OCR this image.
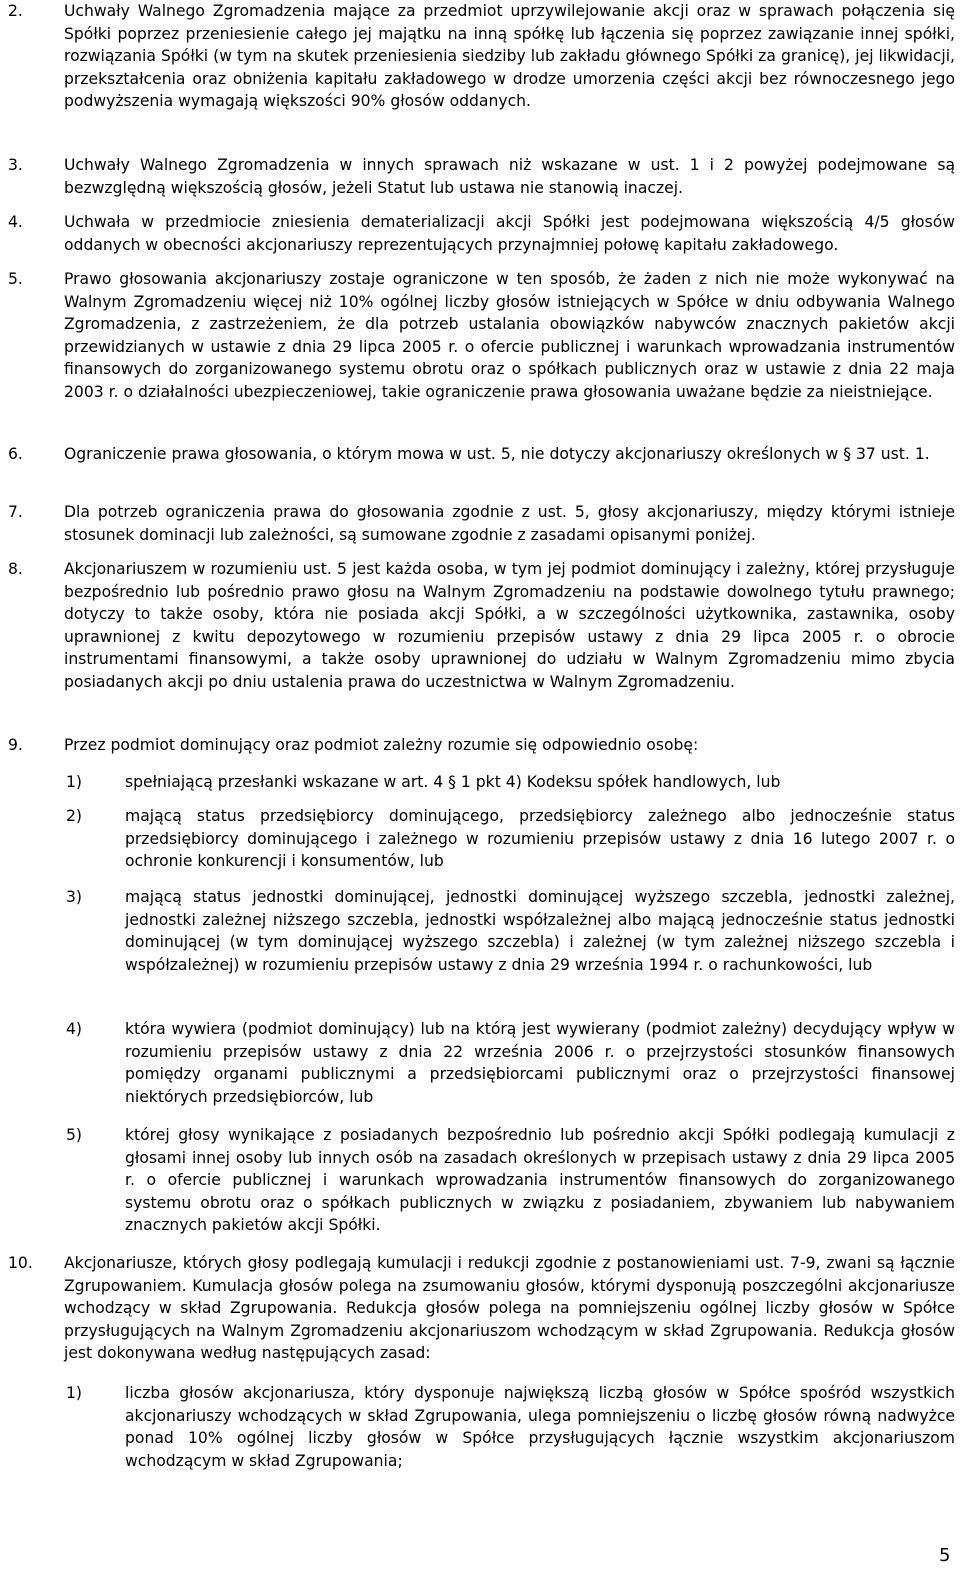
2.	Uchwały Walnego Zgromadzenia mające za przedmiot uprzywilejowanie akcji oraz w sprawach połączenia się Spółki poprzez przeniesienie całego jej majątku na inną spółkę lub łączenia się poprzez zawiązanie innej spółki, rozwiązania Spółki (w tym na skutek przeniesienia siedziby lub zakładu głównego Spółki za granicę), jej likwidacji, przekształcenia oraz obniżenia kapitału zakładowego w drodze umorzenia części akcji bez równoczesnego jego podwyższenia wymagają większości 90% głosów oddanych.
3.	Uchwały Walnego Zgromadzenia w innych sprawach niż wskazane w ust. 1 i 2 powyżej podejmowane są bezwzględną większością głosów, jeżeli Statut lub ustawa nie stanowią inaczej.
4.	Uchwała w przedmiocie zniesienia dematerializacji akcji Spółki jest podejmowana większością 4/5 głosów oddanych w obecności akcjonariuszy reprezentujących przynajmniej połowę kapitału zakładowego.
5.	Prawo głosowania akcjonariuszy zostaje ograniczone w ten sposób, że żaden z nich nie może wykonywać na Walnym Zgromadzeniu więcej niż 10% ogólnej liczby głosów istniejących w Spółce w dniu odbywania Walnego Zgromadzenia, z zastrzeżeniem, że dla potrzeb ustalania obowiązków nabywców znacznych pakietów akcji przewidzianych w ustawie z dnia 29 lipca 2005 r. o ofercie publicznej i warunkach wprowadzania instrumentów finansowych do zorganizowanego systemu obrotu oraz o spółkach publicznych oraz w ustawie z dnia 22 maja 2003 r. o działalności ubezpieczeniowej, takie ograniczenie prawa głosowania uważane będzie za nieistniejące.
6.	Ograniczenie prawa głosowania, o którym mowa w ust. 5, nie dotyczy akcjonariuszy określonych w § 37 ust. 1.
7.	Dla potrzeb ograniczenia prawa do głosowania zgodnie z ust. 5, głosy akcjonariuszy, między którymi istnieje stosunek dominacji lub zależności, są sumowane zgodnie z zasadami opisanymi poniżej.
8.	Akcjonariuszem w rozumieniu ust. 5 jest każda osoba, w tym jej podmiot dominujący i zależny, której przysługuje bezpośrednio lub pośrednio prawo głosu na Walnym Zgromadzeniu na podstawie dowolnego tytułu prawnego; dotyczy to także osoby, która nie posiada akcji Spółki, a w szczególności użytkownika, zastawnika, osoby uprawnionej z kwitu depozytowego w rozumieniu przepisów ustawy z dnia 29 lipca 2005 r. o obrocie instrumentami finansowymi, a także osoby uprawnionej do udziału w Walnym Zgromadzeniu mimo zbycia posiadanych akcji po dniu ustalenia prawa do uczestnictwa w Walnym Zgromadzeniu.
9.	Przez podmiot dominujący oraz podmiot zależny rozumie się odpowiednio osobę:
1)	spełniającą przesłanki wskazane w art. 4 § 1 pkt 4) Kodeksu spółek handlowych, lub
2)	mającą status przedsiębiorcy dominującego, przedsiębiorcy zależnego albo jednocześnie status przedsiębiorcy dominującego i zależnego w rozumieniu przepisów ustawy z dnia 16 lutego 2007 r. o ochronie konkurencji i konsumentów, lub
3)	mającą status jednostki dominującej, jednostki dominującej wyższego szczebla, jednostki zależnej, jednostki zależnej niższego szczebla, jednostki współzależnej albo mającą jednocześnie status jednostki dominującej (w tym dominującej wyższego szczebla) i zależnej (w tym zależnej niższego szczebla i współzależnej) w rozumieniu przepisów ustawy z dnia 29 września 1994 r. o rachunkowości, lub
4)	która wywiera (podmiot dominujący) lub na którą jest wywierany (podmiot zależny) decydujący wpływ w rozumieniu przepisów ustawy z dnia 22 września 2006 r. o przejrzystości stosunków finansowych pomiędzy organami publicznymi a przedsiębiorcami publicznymi oraz o przejrzystości finansowej niektórych przedsiębiorców, lub
5)	której głosy wynikające z posiadanych bezpośrednio lub pośrednio akcji Spółki podlegają kumulacji z głosami innej osoby lub innych osób na zasadach określonych w przepisach ustawy z dnia 29 lipca 2005 r. o ofercie publicznej i warunkach wprowadzania instrumentów finansowych do zorganizowanego systemu obrotu oraz o spółkach publicznych w związku z posiadaniem, zbywaniem lub nabywaniem znacznych pakietów akcji Spółki.
10. Akcjonariusze, których głosy podlegają kumulacji i redukcji zgodnie z postanowieniami ust. 7-9, zwani są łącznie Zgrupowaniem. Kumulacja głosów polega na zsumowaniu głosów, którymi dysponują poszczególni akcjonariusze wchodzący w skład Zgrupowania. Redukcja głosów polega na pomniejszeniu ogólnej liczby głosów w Spółce przysługujących na Walnym Zgromadzeniu akcjonariuszom wchodzącym w skład Zgrupowania. Redukcja głosów jest dokonywana według następujących zasad:
1)	liczba głosów akcjonariusza, który dysponuje największą liczbą głosów w Spółce spośród wszystkich akcjonariuszy wchodzących w skład Zgrupowania, ulega pomniejszeniu o liczbę głosów równą nadwyżce ponad 10% ogólnej liczby głosów w Spółce przysługujących łącznie wszystkim akcjonariuszom wchodzącym w skład Zgrupowania;
5
